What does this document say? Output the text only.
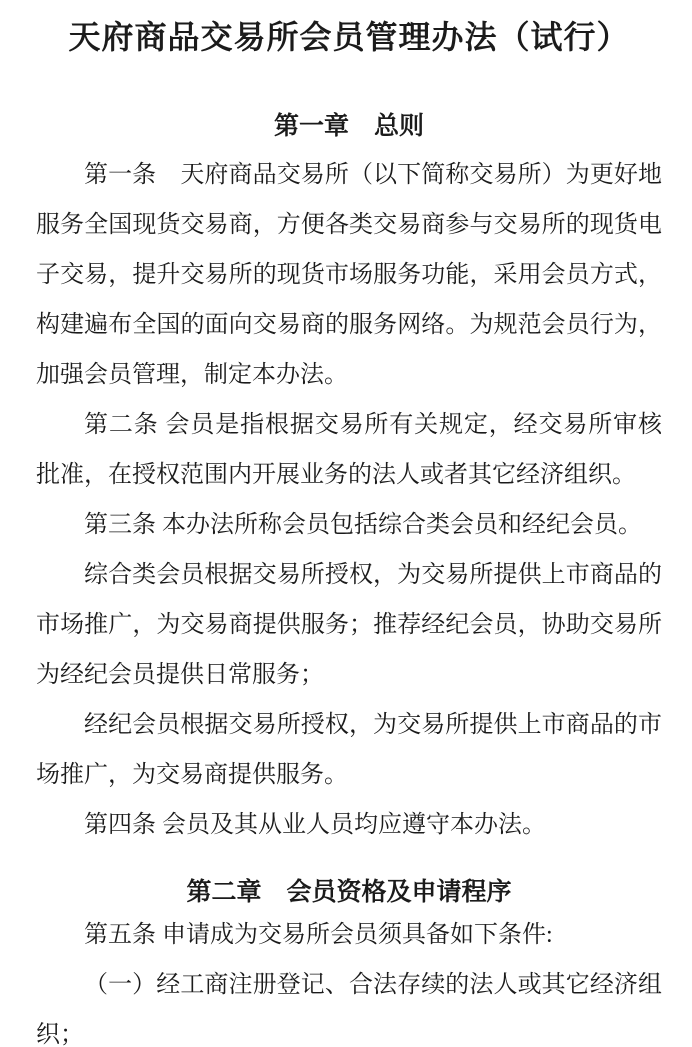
天府商品交易所会员管理办法（试行）
第一章　总则

第一条　天府商品交易所（以下简称交易所）为更好地服务全国现货交易商，方便各类交易商参与交易所的现货电子交易，提升交易所的现货市场服务功能，采用会员方式，构建遍布全国的面向交易商的服务网络。为规范会员行为，加强会员管理，制定本办法。

第二条 会员是指根据交易所有关规定，经交易所审核批准，在授权范围内开展业务的法人或者其它经济组织。

第三条 本办法所称会员包括综合类会员和经纪会员。

综合类会员根据交易所授权，为交易所提供上市商品的市场推广，为交易商提供服务；推荐经纪会员，协助交易所为经纪会员提供日常服务；

经纪会员根据交易所授权，为交易所提供上市商品的市场推广，为交易商提供服务。

第四条 会员及其从业人员均应遵守本办法。

第二章　会员资格及申请程序

第五条 申请成为交易所会员须具备如下条件:

（一）经工商注册登记、合法存续的法人或其它经济组织；
